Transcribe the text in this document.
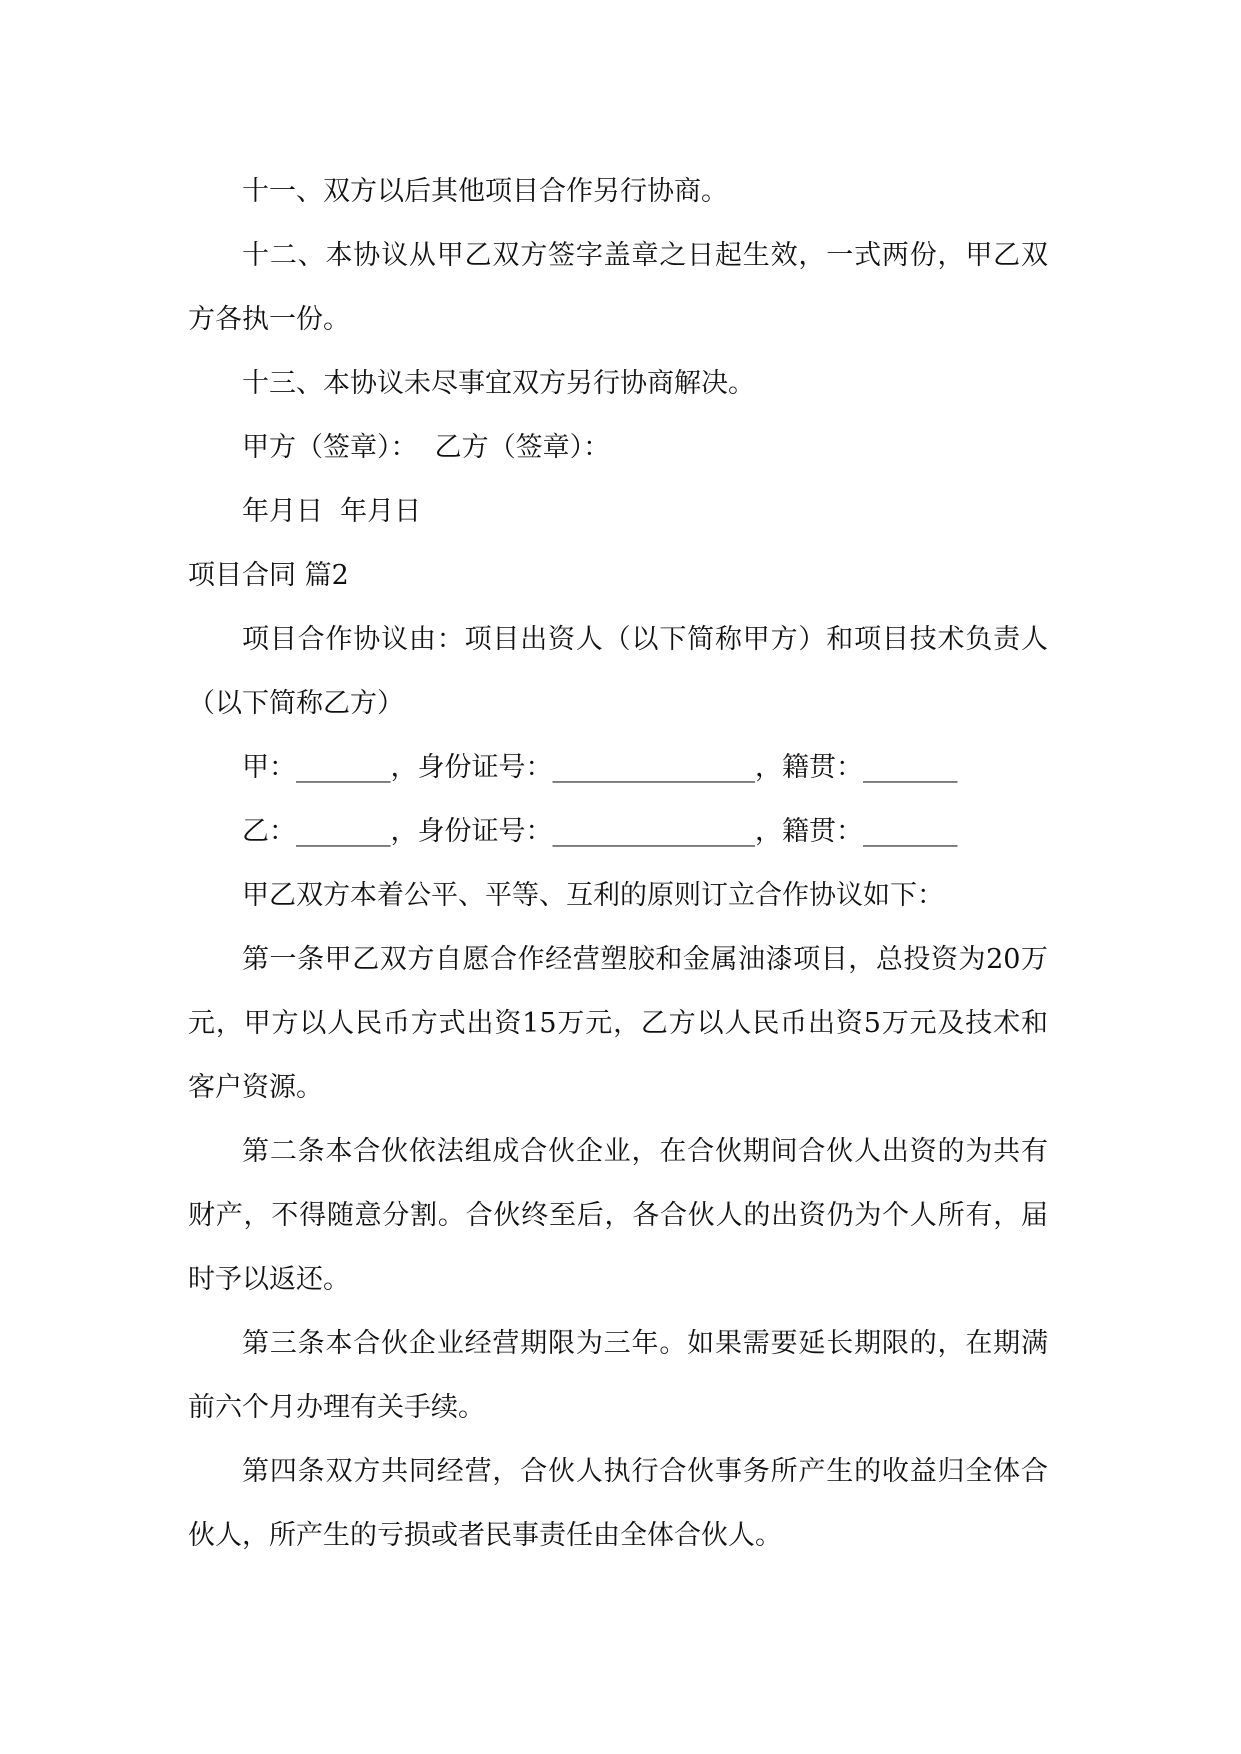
十一、双方以后其他项目合作另行协商。

十二、本协议从甲乙双方签字盖章之日起生效，一式两份，甲乙双方各执一份。

十三、本协议未尽事宜双方另行协商解决。

甲方（签章）：  乙方（签章）：

年月日  年月日

项目合同 篇2

项目合作协议由：项目出资人（以下简称甲方）和项目技术负责人（以下简称乙方）

甲：_______，身份证号：_______________，籍贯：_______

乙：_______，身份证号：_______________，籍贯：_______

甲乙双方本着公平、平等、互利的原则订立合作协议如下：

第一条甲乙双方自愿合作经营塑胶和金属油漆项目，总投资为20万元，甲方以人民币方式出资15万元，乙方以人民币出资5万元及技术和客户资源。

第二条本合伙依法组成合伙企业，在合伙期间合伙人出资的为共有财产，不得随意分割。合伙终至后，各合伙人的出资仍为个人所有，届时予以返还。

第三条本合伙企业经营期限为三年。如果需要延长期限的，在期满前六个月办理有关手续。

第四条双方共同经营，合伙人执行合伙事务所产生的收益归全体合伙人，所产生的亏损或者民事责任由全体合伙人。
